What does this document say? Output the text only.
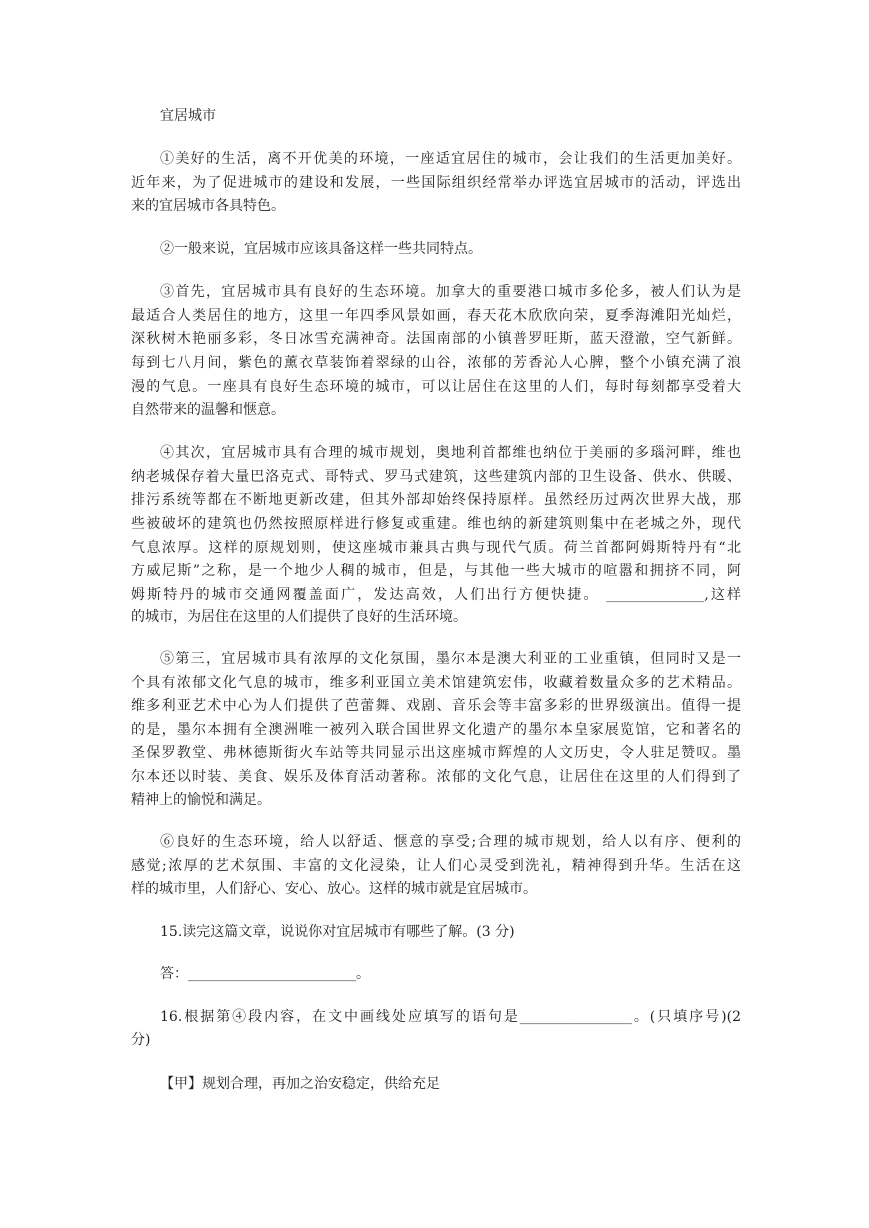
宜居城市
①美好的生活，离不开优美的环境，一座适宜居住的城市，会让我们的生活更加美好。
近年来，为了促进城市的建设和发展，一些国际组织经常举办评选宜居城市的活动，评选出
来的宜居城市各具特色。
②一般来说，宜居城市应该具备这样一些共同特点。
③首先，宜居城市具有良好的生态环境。加拿大的重要港口城市多伦多，被人们认为是
最适合人类居住的地方，这里一年四季风景如画，春天花木欣欣向荣，夏季海滩阳光灿烂，
深秋树木艳丽多彩，冬日冰雪充满神奇。法国南部的小镇普罗旺斯，蓝天澄澈，空气新鲜。
每到七八月间，紫色的薰衣草装饰着翠绿的山谷，浓郁的芳香沁人心脾，整个小镇充满了浪
漫的气息。一座具有良好生态环境的城市，可以让居住在这里的人们，每时每刻都享受着大
自然带来的温馨和惬意。
④其次，宜居城市具有合理的城市规划，奥地利首都维也纳位于美丽的多瑙河畔，维也
纳老城保存着大量巴洛克式、哥特式、罗马式建筑，这些建筑内部的卫生设备、供水、供暖、
排污系统等都在不断地更新改建，但其外部却始终保持原样。虽然经历过两次世界大战，那
些被破坏的建筑也仍然按照原样进行修复或重建。维也纳的新建筑则集中在老城之外，现代
气息浓厚。这样的原规划则，使这座城市兼具古典与现代气质。荷兰首都阿姆斯特丹有“北
方威尼斯”之称，是一个地少人稠的城市，但是，与其他一些大城市的喧嚣和拥挤不同，阿
姆斯特丹的城市交通网覆盖面广，发达高效，人们出行方便快捷。 ______________,这样
的城市，为居住在这里的人们提供了良好的生活环境。
⑤第三，宜居城市具有浓厚的文化氛围，墨尔本是澳大利亚的工业重镇，但同时又是一
个具有浓郁文化气息的城市，维多利亚国立美术馆建筑宏伟，收藏着数量众多的艺术精品。
维多利亚艺术中心为人们提供了芭蕾舞、戏剧、音乐会等丰富多彩的世界级演出。值得一提
的是，墨尔本拥有全澳洲唯一被列入联合国世界文化遗产的墨尔本皇家展览馆，它和著名的
圣保罗教堂、弗林德斯街火车站等共同显示出这座城市辉煌的人文历史，令人驻足赞叹。墨
尔本还以时装、美食、娱乐及体育活动著称。浓郁的文化气息，让居住在这里的人们得到了
精神上的愉悦和满足。
⑥良好的生态环境，给人以舒适、惬意的享受;合理的城市规划，给人以有序、便利的
感觉;浓厚的艺术氛围、丰富的文化浸染，让人们心灵受到洗礼，精神得到升华。生活在这
样的城市里，人们舒心、安心、放心。这样的城市就是宜居城市。
15.读完这篇文章，说说你对宜居城市有哪些了解。(3 分)
答：________________________。
16.根据第④段内容，在文中画线处应填写的语句是________________。(只填序号)(2
分)
【甲】规划合理，再加之治安稳定，供给充足
